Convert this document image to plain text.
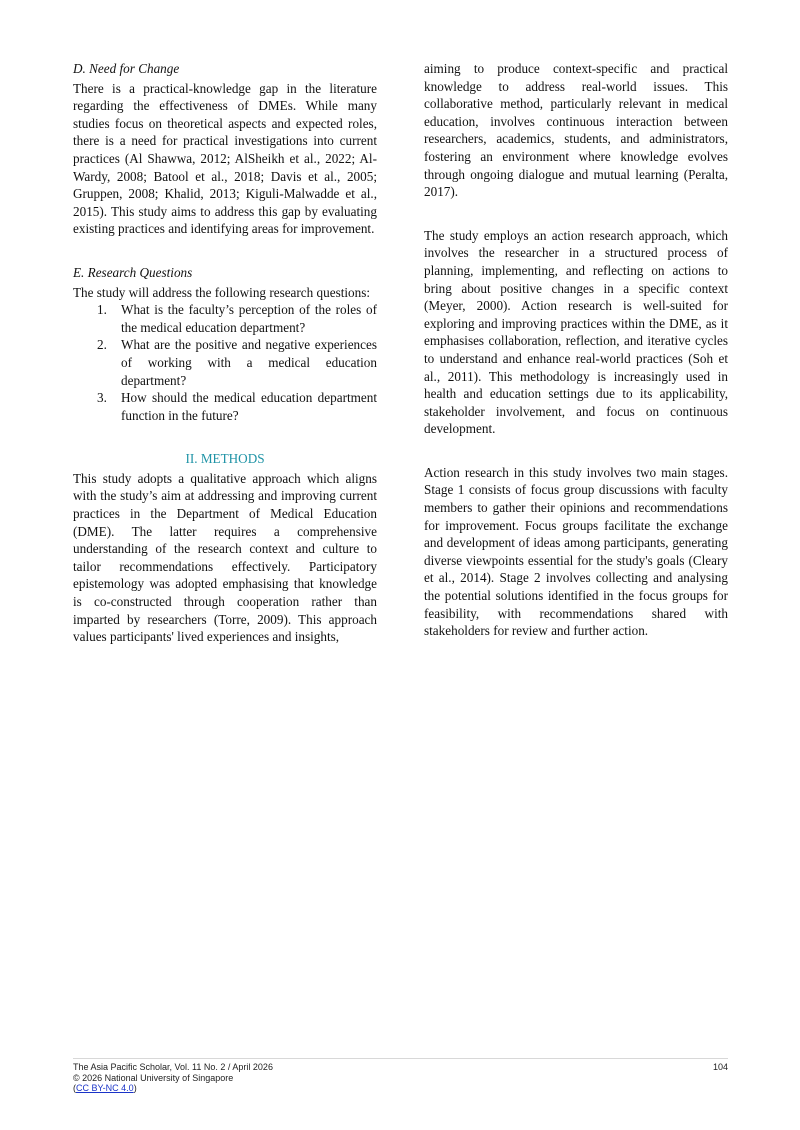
D. Need for Change

There is a practical-knowledge gap in the literature regarding the effectiveness of DMEs. While many studies focus on theoretical aspects and expected roles, there is a need for practical investigations into current practices (Al Shawwa, 2012; AlSheikh et al., 2022; Al-Wardy, 2008; Batool et al., 2018; Davis et al., 2005; Gruppen, 2008; Khalid, 2013; Kiguli-Malwadde et al., 2015). This study aims to address this gap by evaluating existing practices and identifying areas for improvement.

E. Research Questions

The study will address the following research questions:

1. What is the faculty’s perception of the roles of the medical education department?
2. What are the positive and negative experiences of working with a medical education department?
3. How should the medical education department function in the future?
II. METHODS

This study adopts a qualitative approach which aligns with the study’s aim at addressing and improving current practices in the Department of Medical Education (DME). The latter requires a comprehensive understanding of the research context and culture to tailor recommendations effectively. Participatory epistemology was adopted emphasising that knowledge is co-constructed through cooperation rather than imparted by researchers (Torre, 2009). This approach values participants' lived experiences and insights,

aiming to produce context-specific and practical knowledge to address real-world issues. This collaborative method, particularly relevant in medical education, involves continuous interaction between researchers, academics, students, and administrators, fostering an environment where knowledge evolves through ongoing dialogue and mutual learning (Peralta, 2017).

The study employs an action research approach, which involves the researcher in a structured process of planning, implementing, and reflecting on actions to bring about positive changes in a specific context (Meyer, 2000). Action research is well-suited for exploring and improving practices within the DME, as it emphasises collaboration, reflection, and iterative cycles to understand and enhance real-world practices (Soh et al., 2011). This methodology is increasingly used in health and education settings due to its applicability, stakeholder involvement, and focus on continuous development.

Action research in this study involves two main stages. Stage 1 consists of focus group discussions with faculty members to gather their opinions and recommendations for improvement. Focus groups facilitate the exchange and development of ideas among participants, generating diverse viewpoints essential for the study's goals (Cleary et al., 2014). Stage 2 involves collecting and analysing the potential solutions identified in the focus groups for feasibility, with recommendations shared with stakeholders for review and further action.

The Asia Pacific Scholar, Vol. 11 No. 2 / April 2026
© 2026 National University of Singapore
(CC BY-NC 4.0)
104
